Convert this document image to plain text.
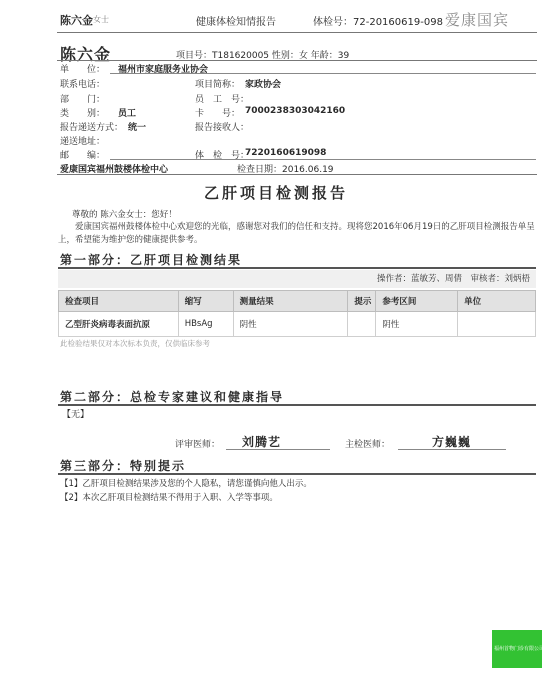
陈六金 女士	健康体检知情报告	体检号：72-20160619-098 爱康国宾
陈六金	项目号：T181620005 性别：女 年龄：39
单　　位： 福州市家庭服务业协会
联系电话：	项目简称： 家政协会
部　　门：	员　工　号：
类　　别： 员工	卡　　号： 7000238303042160
报告递送方式： 统一	报告接收人：
递送地址：
邮　　编：	体　检　号：
7220160619098
爱康国宾福州鼓楼体检中心	检查日期：2016.06.19
乙肝项目检测报告
尊敬的 陈六金女士：您好！
爱康国宾福州鼓楼体检中心欢迎您的光临，感谢您对我们的信任和支持。现将您2016年06月19日的乙肝项目检测报告单呈上，希望能为维护您的健康提供参考。
第一部分：乙肝项目检测结果
操作者：蓝敏芳、周倩　审核者：刘炳梧
检查项目	缩写	测量结果	提示	参考区间	单位
乙型肝炎病毒表面抗原	HBsAg	阴性		阴性	
此检验结果仅对本次标本负责，仅供临床参考
第二部分：总检专家建议和健康指导
【无】
评审医师： 刘腾艺	主检医师：	方巍巍
第三部分：特别提示
【1】乙肝项目检测结果涉及您的个人隐私，请您谨慎向他人出示。
【2】本次乙肝项目检测结果不得用于入职、入学等事项。
福州首物门诊有限公司
